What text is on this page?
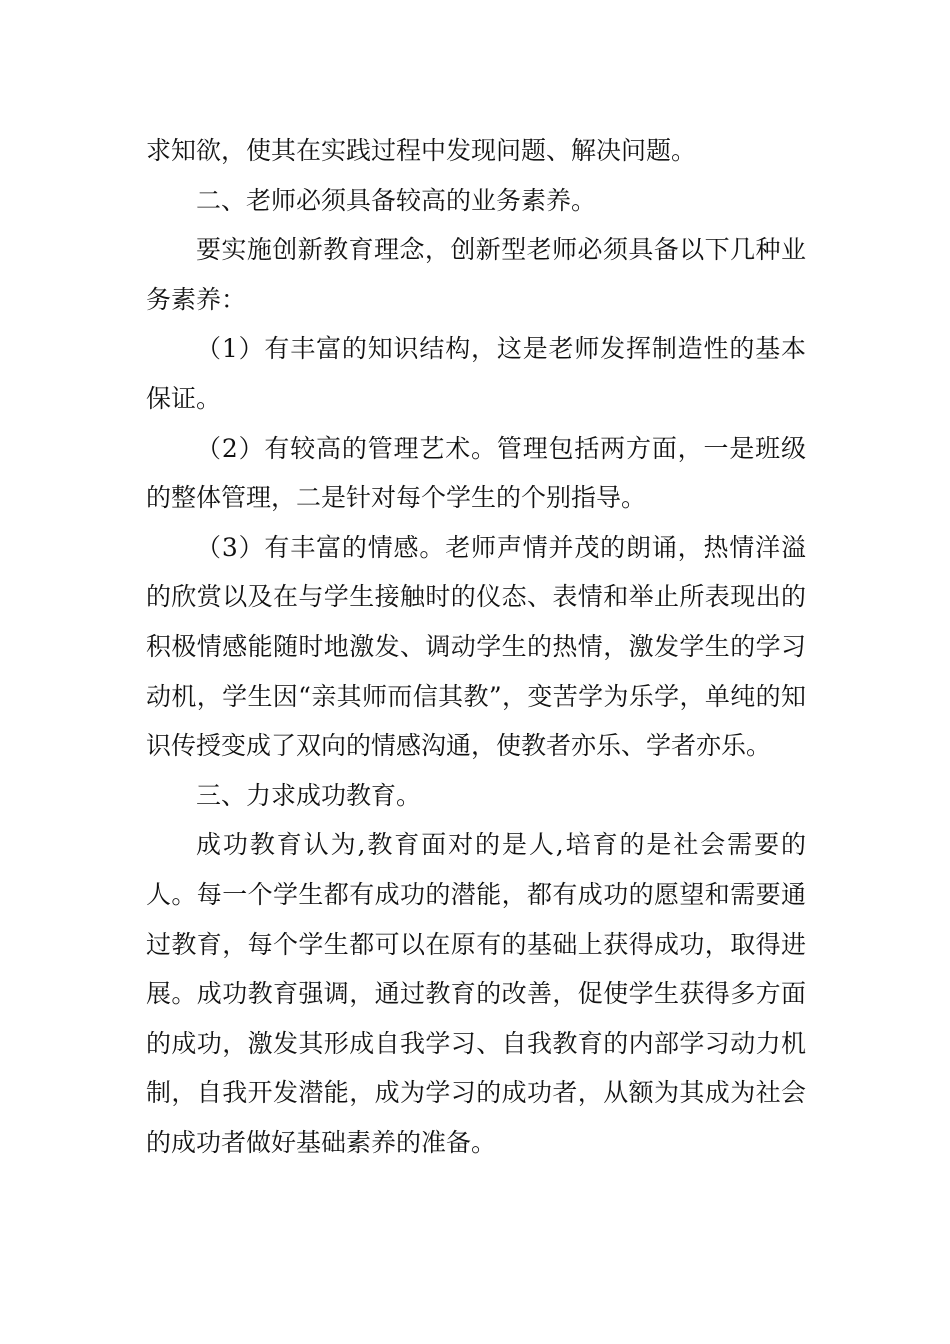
求知欲，使其在实践过程中发现问题、解决问题。

二、老师必须具备较高的业务素养。

要实施创新教育理念，创新型老师必须具备以下几种业务素养：

（1）有丰富的知识结构，这是老师发挥制造性的基本保证。

（2）有较高的管理艺术。管理包括两方面，一是班级的整体管理，二是针对每个学生的个别指导。

（3）有丰富的情感。老师声情并茂的朗诵，热情洋溢的欣赏以及在与学生接触时的仪态、表情和举止所表现出的积极情感能随时地激发、调动学生的热情，激发学生的学习动机，学生因“亲其师而信其教”，变苦学为乐学，单纯的知识传授变成了双向的情感沟通，使教者亦乐、学者亦乐。

三、力求成功教育。

成功教育认为,教育面对的是人,培育的是社会需要的人。每一个学生都有成功的潜能，都有成功的愿望和需要通过教育，每个学生都可以在原有的基础上获得成功，取得进展。成功教育强调，通过教育的改善，促使学生获得多方面的成功，激发其形成自我学习、自我教育的内部学习动力机制，自我开发潜能，成为学习的成功者，从额为其成为社会的成功者做好基础素养的准备。
